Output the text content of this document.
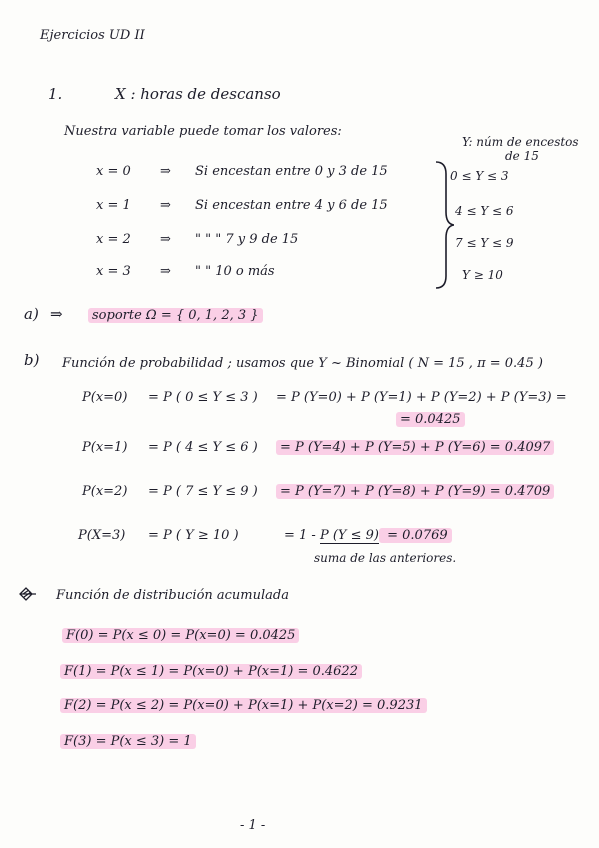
Ejercicios UD II
1.	X : horas de descanso
Nuestra variable puede tomar los valores:
Y: núm de encestos
de 15
x = 0 ⇒ Si encestan entre 0 y 3 de 15	0 ≤ Y ≤ 3
x = 1 ⇒ Si encestan entre 4 y 6 de 15	4 ≤ Y ≤ 6
x = 2 ⇒ " " " 7 y 9 de 15	7 ≤ Y ≤ 9
x = 3 ⇒ " " 10 o más	Y ≥ 10
a) ⇒	soporte Ω = { 0, 1, 2, 3 }
b) Función de probabilidad ; usamos que Y ~ Binomial ( N = 15 , π = 0.45 )
P(x=0) = P ( 0 ≤ Y ≤ 3 ) = P (Y=0) + P (Y=1) + P (Y=2) + P (Y=3) =
= 0.0425
P(x=1) = P ( 4 ≤ Y ≤ 6 )	= P (Y=4) + P (Y=5) + P (Y=6) = 0.4097
P(x=2) = P ( 7 ≤ Y ≤ 9 )	= P (Y=7) + P (Y=8) + P (Y=9) = 0.4709
P(X=3) = P ( Y ≥ 10 )	= 1 - P (Y ≤ 9) = 0.0769
suma de las anteriores.
Función de distribución acumulada
F(0) = P(x ≤ 0) = P(x=0) = 0.0425
F(1) = P(x ≤ 1) = P(x=0) + P(x=1) = 0.4622
F(2) = P(x ≤ 2) = P(x=0) + P(x=1) + P(x=2) = 0.9231
F(3) = P(x ≤ 3) = 1
- 1 -
